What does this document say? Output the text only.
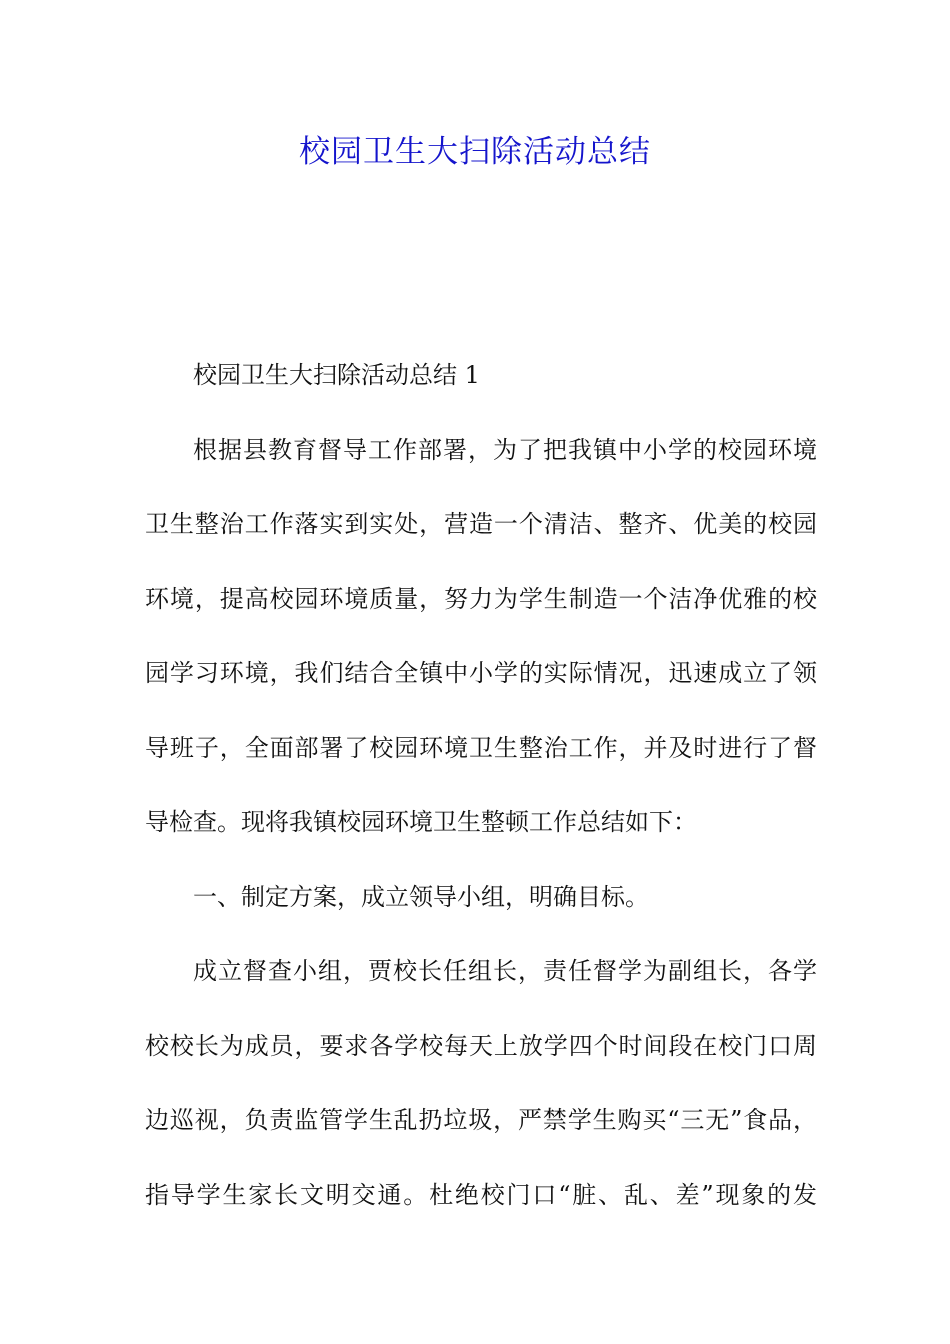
校园卫生大扫除活动总结
校园卫生大扫除活动总结 1
根据县教育督导工作部署，为了把我镇中小学的校园环境
卫生整治工作落实到实处，营造一个清洁、整齐、优美的校园
环境，提高校园环境质量，努力为学生制造一个洁净优雅的校
园学习环境，我们结合全镇中小学的实际情况，迅速成立了领
导班子，全面部署了校园环境卫生整治工作，并及时进行了督
导检查。现将我镇校园环境卫生整顿工作总结如下：
一、制定方案，成立领导小组，明确目标。
成立督查小组，贾校长任组长，责任督学为副组长，各学
校校长为成员，要求各学校每天上放学四个时间段在校门口周
边巡视，负责监管学生乱扔垃圾，严禁学生购买“三无”食品，
指导学生家长文明交通。杜绝校门口“脏、乱、差”现象的发
